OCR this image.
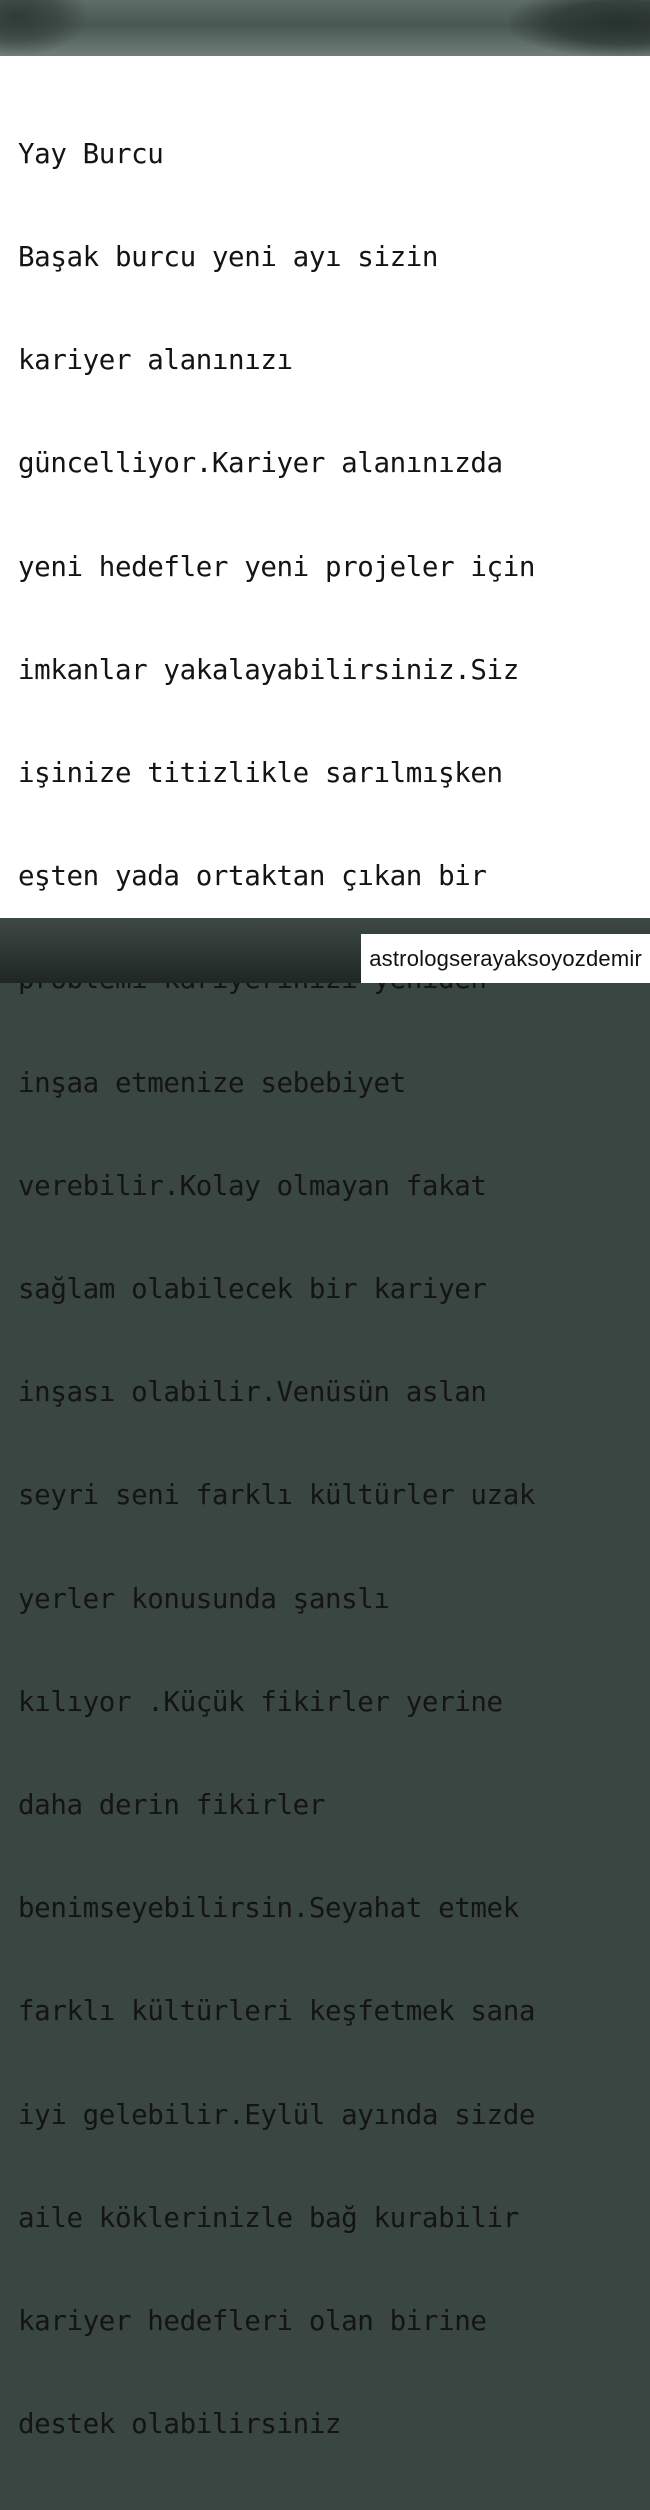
Yay Burcu

Başak burcu yeni ayı sizin

kariyer alanınızı

güncelliyor.Kariyer alanınızda

yeni hedefler yeni projeler için

imkanlar yakalayabilirsiniz.Siz

işinize titizlikle sarılmışken

eşten yada ortaktan çıkan bir

inşaa etmenize sebebiyet

verebilir.Kolay olmayan fakat

sağlam olabilecek bir kariyer

inşası olabilir.Venüsün aslan

seyri seni farklı kültürler uzak

yerler konusunda şanslı

kılıyor .Küçük fikirler yerine

daha derin fikirler

benimseyebilirsin.Seyahat etmek

farklı kültürleri keşfetmek sana

iyi gelebilir.Eylül ayında sizde

aile köklerinizle bağ kurabilir

kariyer hedefleri olan birine

destek olabilirsiniz

astrologserayaksoyozdemir
